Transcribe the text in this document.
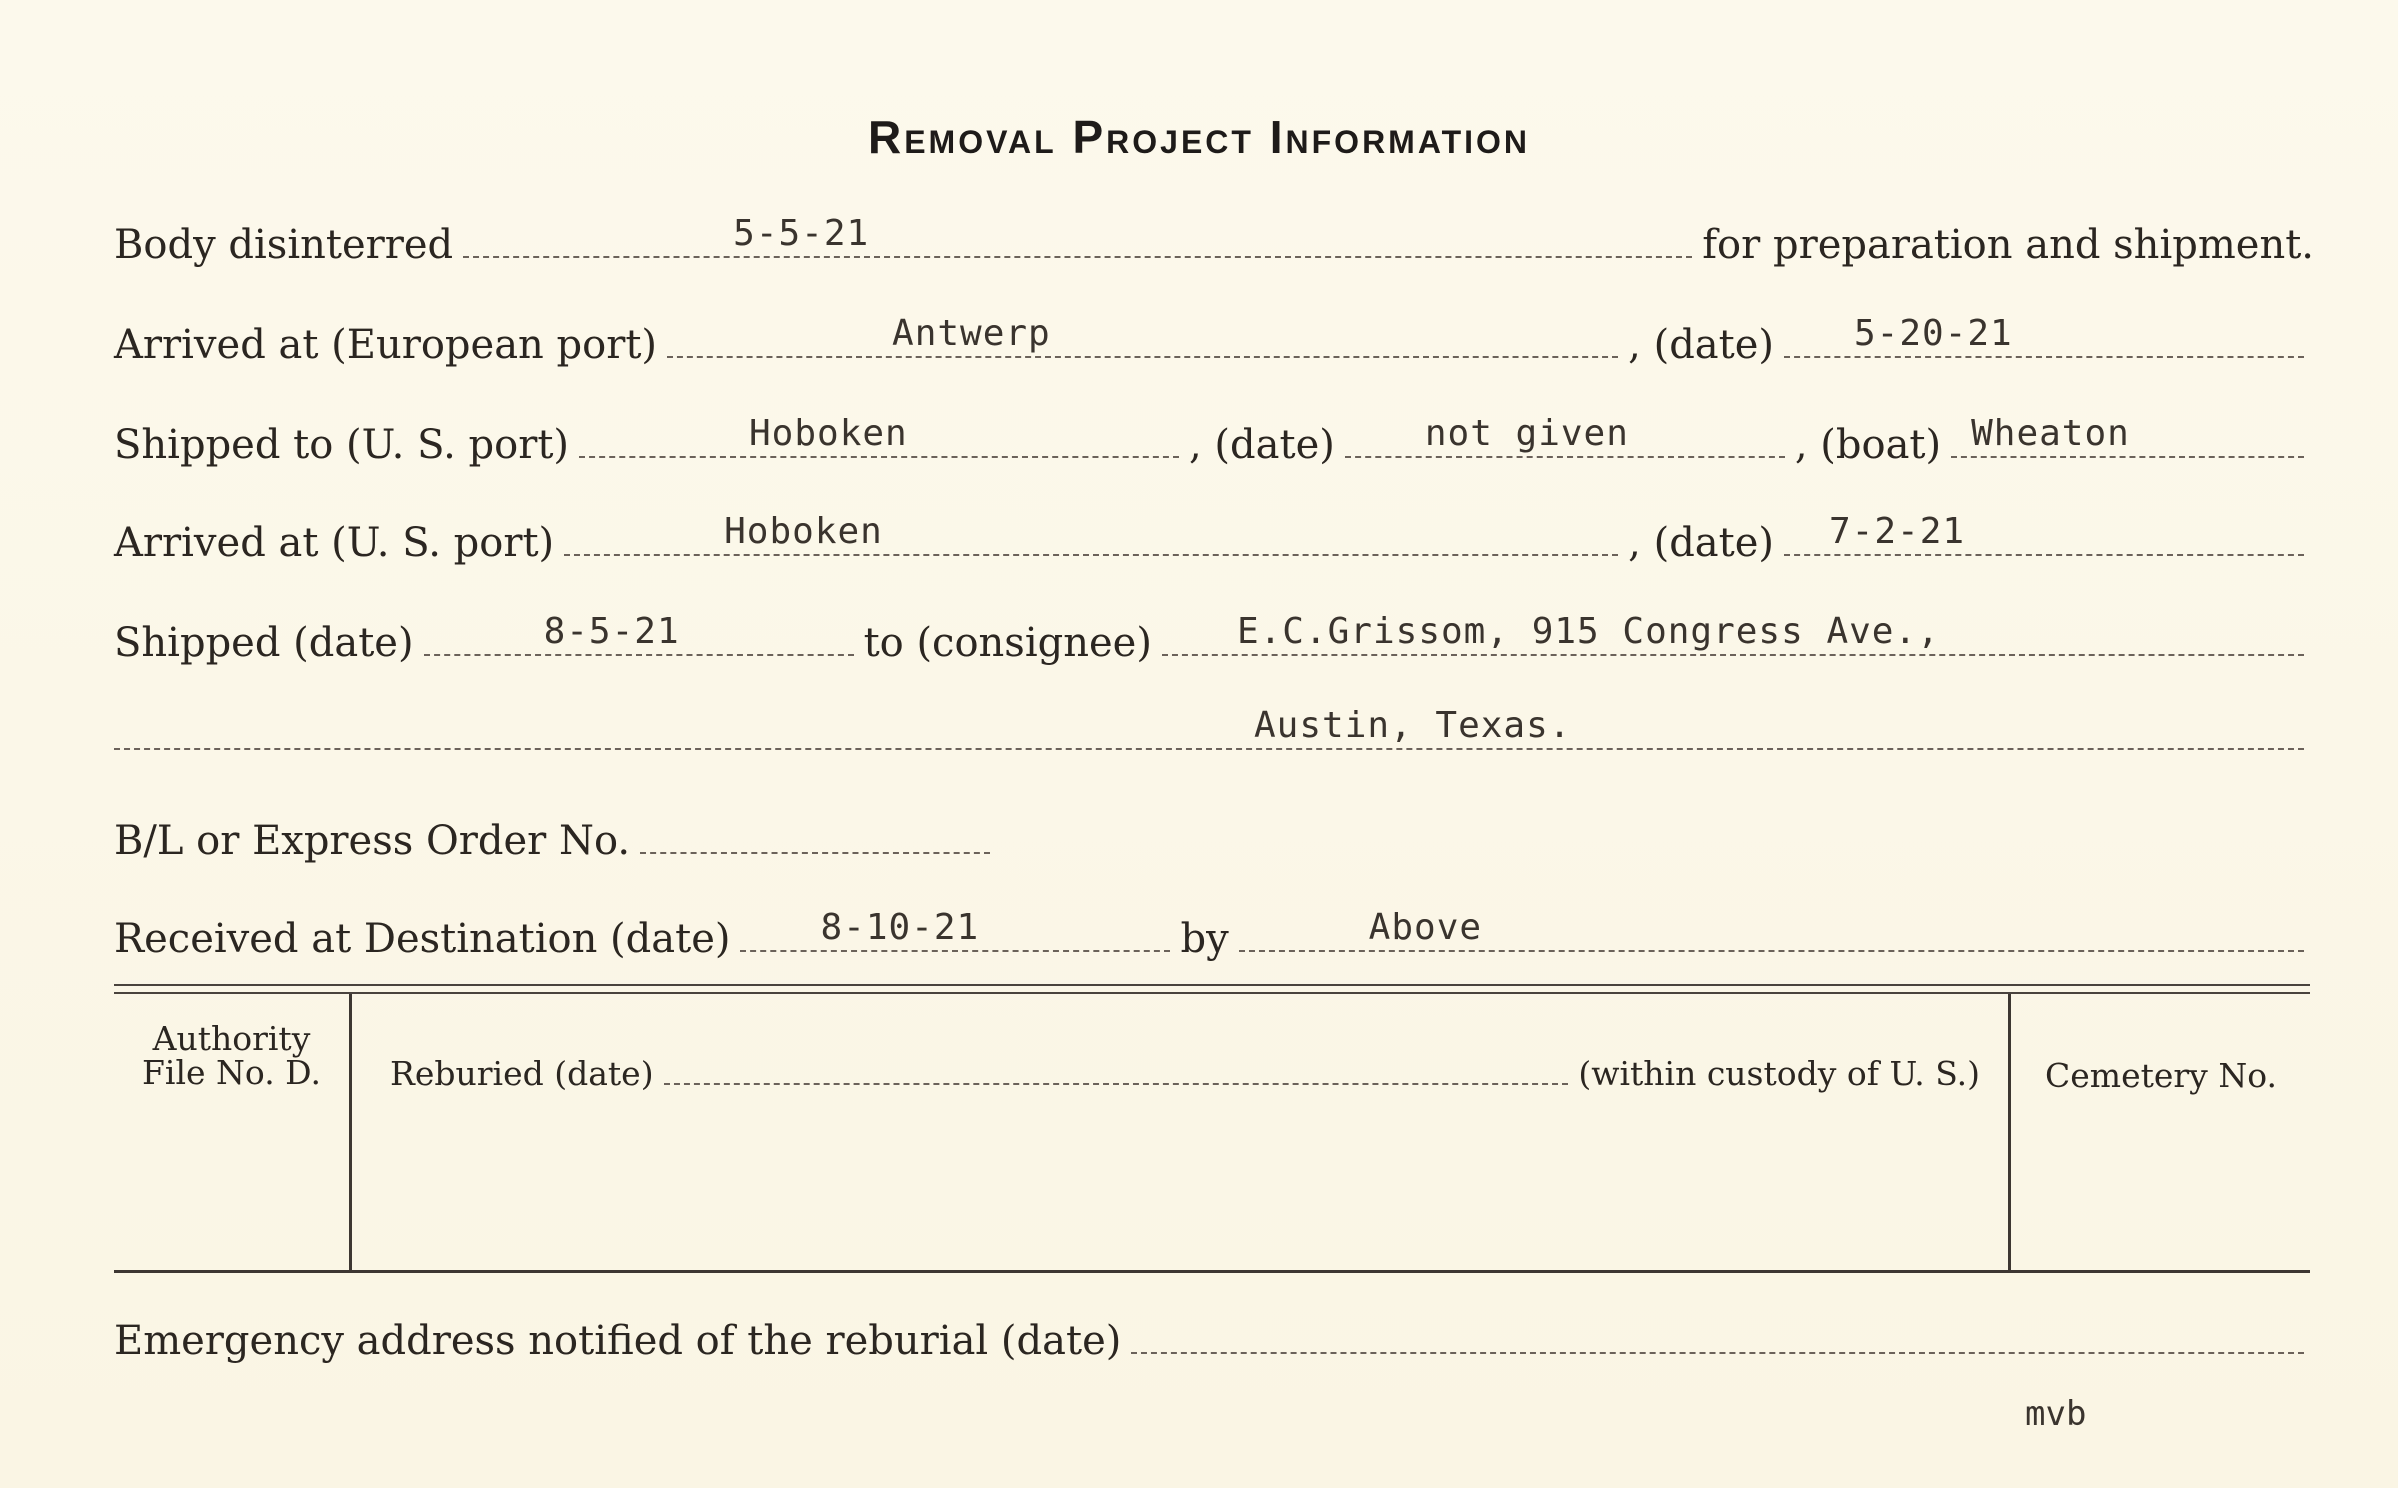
Removal Project Information
Body disinterred	5-5-21	for preparation and shipment.
Arrived at (European port)	Antwerp	, (date) 5-20-21
Shipped to (U. S. port)	Hoboken	, (date)	not given	, (boat) Wheaton
Arrived at (U. S. port)	Hoboken	, (date) 7-2-21
Shipped (date)	8-5-21	to (consignee) E.C.Grissom, 915 Congress Ave.,
Austin, Texas.
B/L or Express Order No.
Received at Destination (date)	8-10-21	by	Above
Authority
File No. D.	Reburied (date)	(within custody of U. S.)	Cemetery No.
Emergency address notified of the reburial (date)
mvb
